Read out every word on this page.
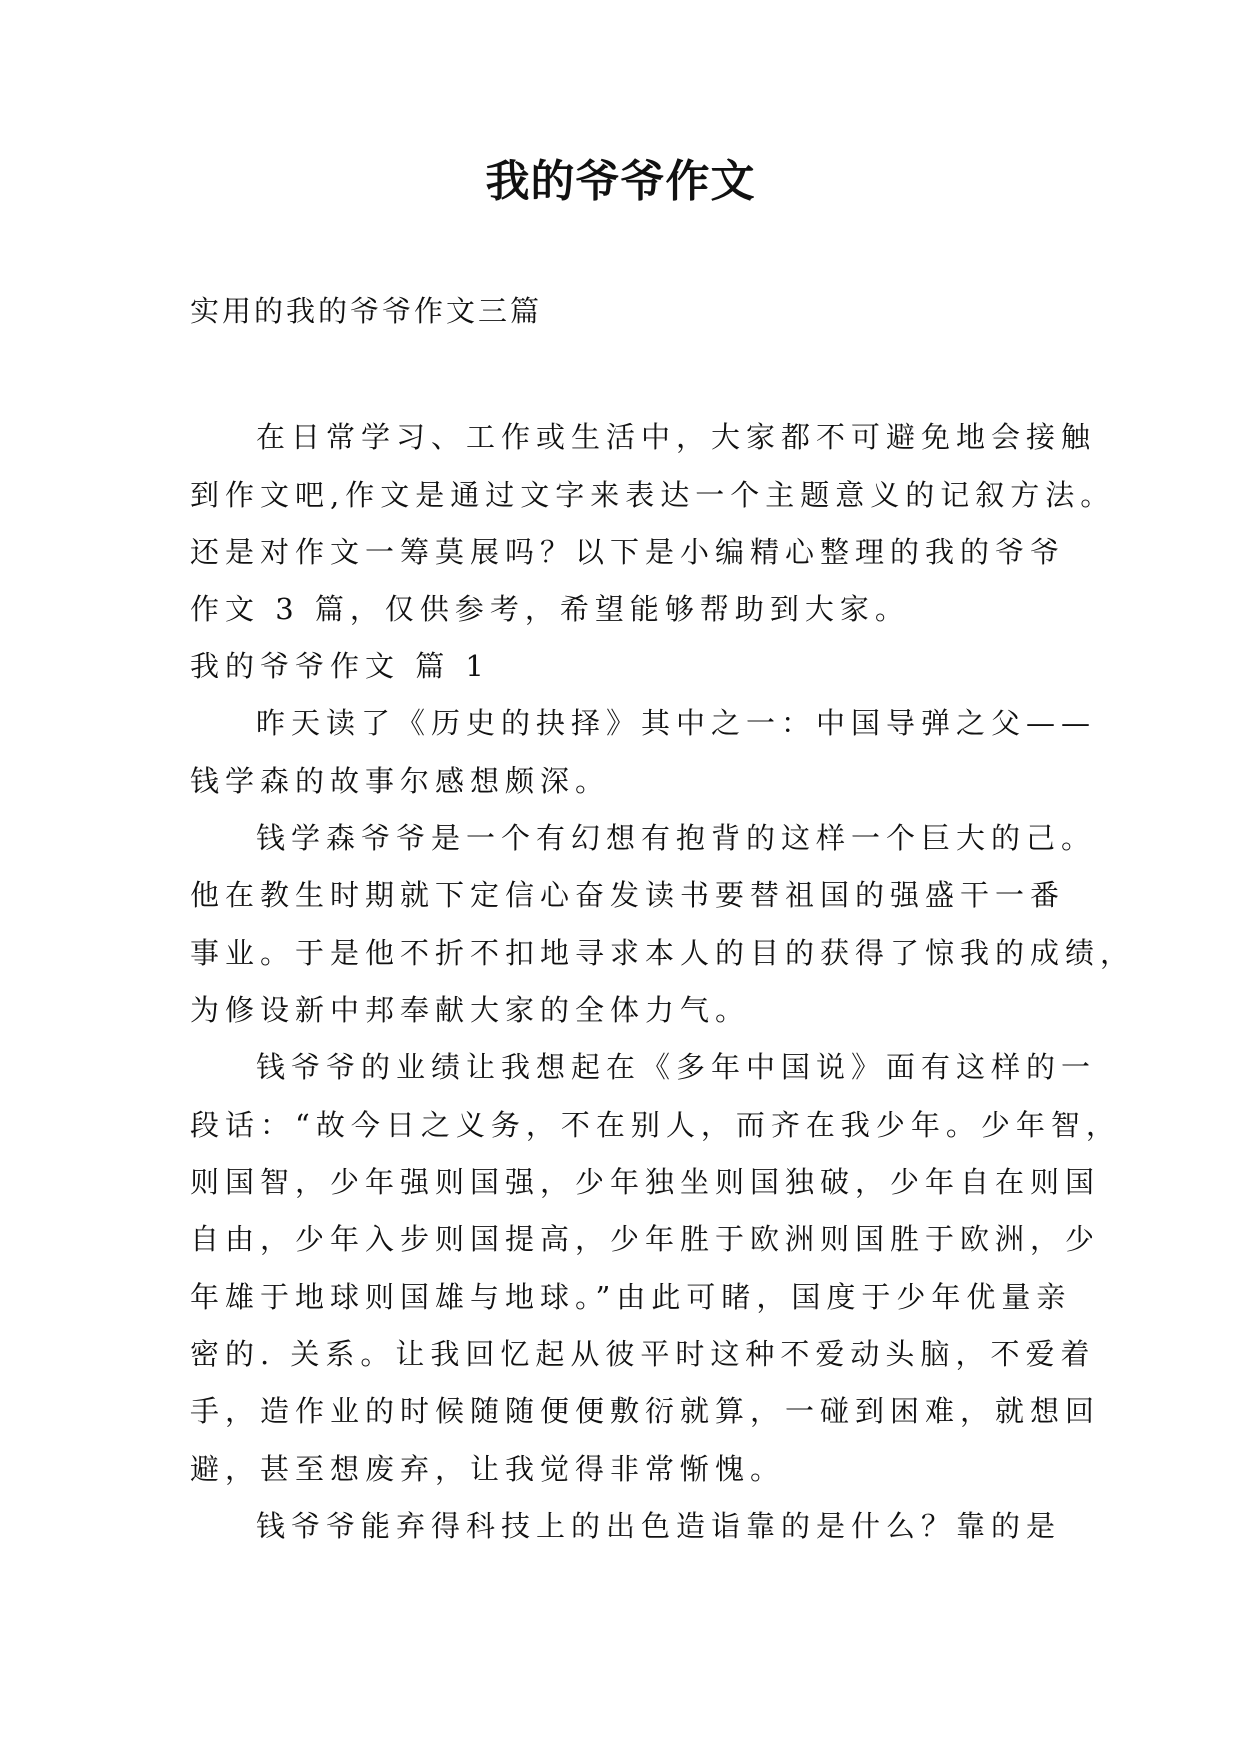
我的爷爷作文
实用的我的爷爷作文三篇
在日常学习、工作或生活中，大家都不可避免地会接触
到作文吧,作文是通过文字来表达一个主题意义的记叙方法。
还是对作文一筹莫展吗？以下是小编精心整理的我的爷爷
作文 3 篇，仅供参考，希望能够帮助到大家。
我的爷爷作文 篇 1
昨天读了《历史的抉择》其中之一：中国导弹之父——
钱学森的故事尔感想颇深。
钱学森爷爷是一个有幻想有抱背的这样一个巨大的己。
他在教生时期就下定信心奋发读书要替祖国的强盛干一番
事业。于是他不折不扣地寻求本人的目的获得了惊我的成绩，
为修设新中邦奉献大家的全体力气。
钱爷爷的业绩让我想起在《多年中国说》面有这样的一
段话：“故今日之义务，不在别人，而齐在我少年。少年智，
则国智，少年强则国强，少年独坐则国独破，少年自在则国
自由，少年入步则国提高，少年胜于欧洲则国胜于欧洲，少
年雄于地球则国雄与地球。”由此可睹，国度于少年优量亲
密的. 关系。让我回忆起从彼平时这种不爱动头脑，不爱着
手，造作业的时候随随便便敷衍就算，一碰到困难，就想回
避，甚至想废弃，让我觉得非常惭愧。
钱爷爷能弃得科技上的出色造诣靠的是什么？靠的是
